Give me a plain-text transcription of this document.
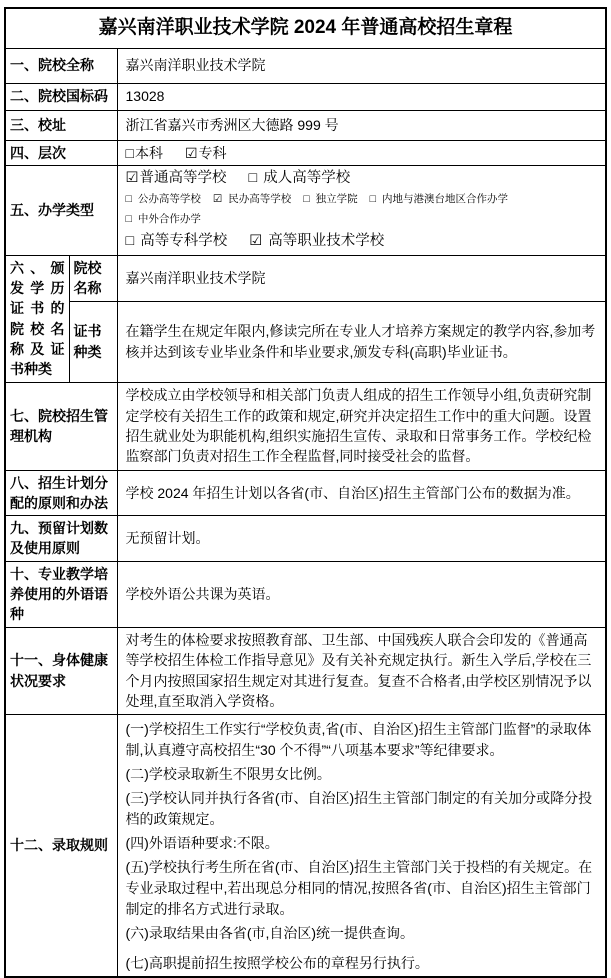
嘉兴南洋职业技术学院 2024 年普通高校招生章程		
一、院校全称		嘉兴南洋职业技术学院
二、院校国标码		13028
三、校址		浙江省嘉兴市秀洲区大德路 999 号
四、层次		□本科 ☑专科
五、办学类型		☑普通高等学校 □ 成人高等学校
□ 公办高等学校 ☑ 民办高等学校 □ 独立学院 □ 内地与港澳台地区合作办学□ 中外合作办学
□ 高等专科学校 ☑ 高等职业技术学校

六、颁发学历证书的院校名称及证书种类	院校名称	嘉兴南洋职业技术学院
	证书种类	在籍学生在规定年限内,修读完所在专业人才培养方案规定的教学内容,参加考核并达到该专业毕业条件和毕业要求,颁发专科(高职)毕业证书。
七、院校招生管理机构		学校成立由学校领导和相关部门负责人组成的招生工作领导小组,负责研究制定学校有关招生工作的政策和规定,研究并决定招生工作中的重大问题。设置招生就业处为职能机构,组织实施招生宣传、录取和日常事务工作。学校纪检监察部门负责对招生工作全程监督,同时接受社会的监督。
八、招生计划分配的原则和办法		学校 2024 年招生计划以各省(市、自治区)招生主管部门公布的数据为准。
九、预留计划数及使用原则		无预留计划。
十、专业教学培养使用的外语语种		学校外语公共课为英语。
十一、身体健康状况要求		对考生的体检要求按照教育部、卫生部、中国残疾人联合会印发的《普通高等学校招生体检工作指导意见》及有关补充规定执行。新生入学后,学校在三个月内按照国家招生规定对其进行复查。复查不合格者,由学校区别情况予以处理,直至取消入学资格。
十二、录取规则	

(一)学校招生工作实行“学校负责,省(市、自治区)招生主管部门监督”的录取体制,认真遵守高校招生“30 个不得”“八项基本要求”等纪律要求。

(二)学校录取新生不限男女比例。

(三)学校认同并执行各省(市、自治区)招生主管部门制定的有关加分或降分投档的政策规定。

(四)外语语种要求:不限。

(五)学校执行考生所在省(市、自治区)招生主管部门关于投档的有关规定。在专业录取过程中,若出现总分相同的情况,按照各省(市、自治区)招生主管部门制定的排名方式进行录取。

(六)录取结果由各省(市,自治区)统一提供查询。

(七)高职提前招生按照学校公布的章程另行执行。
